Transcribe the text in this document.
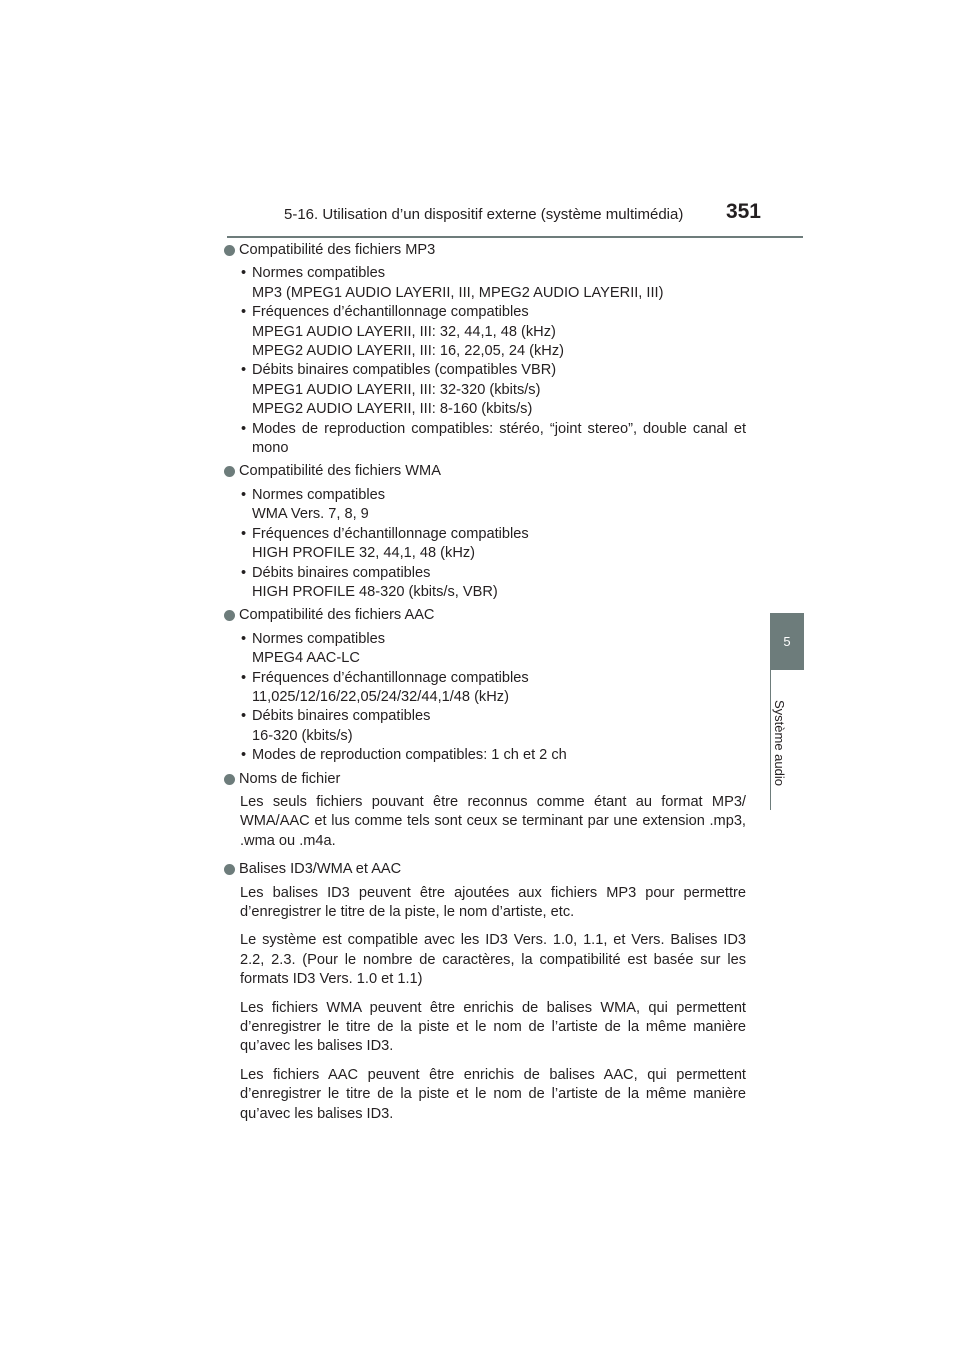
5-16. Utilisation d’un dispositif externe (système multimédia) 351
5
Système audio
Compatibilité des fichiers MP3
• Normes compatibles
MP3 (MPEG1 AUDIO LAYERII, III, MPEG2 AUDIO LAYERII, III)
• Fréquences d’échantillonnage compatibles
MPEG1 AUDIO LAYERII, III: 32, 44,1, 48 (kHz)
MPEG2 AUDIO LAYERII, III: 16, 22,05, 24 (kHz)
• Débits binaires compatibles (compatibles VBR)
MPEG1 AUDIO LAYERII, III: 32-320 (kbits/s)
MPEG2 AUDIO LAYERII, III: 8-160 (kbits/s)
• Modes de reproduction compatibles: stéréo, “joint stereo”, double canal et mono
Compatibilité des fichiers WMA
• Normes compatibles
WMA Vers. 7, 8, 9
• Fréquences d’échantillonnage compatibles
HIGH PROFILE 32, 44,1, 48 (kHz)
• Débits binaires compatibles
HIGH PROFILE 48-320 (kbits/s, VBR)
Compatibilité des fichiers AAC
• Normes compatibles
MPEG4 AAC-LC
• Fréquences d’échantillonnage compatibles
11,025/12/16/22,05/24/32/44,1/48 (kHz)
• Débits binaires compatibles
16-320 (kbits/s)
• Modes de reproduction compatibles: 1 ch et 2 ch
Noms de fichier
Les seuls fichiers pouvant être reconnus comme étant au format MP3/ WMA/AAC et lus comme tels sont ceux se terminant par une extension .mp3, .wma ou .m4a.
Balises ID3/WMA et AAC
Les balises ID3 peuvent être ajoutées aux fichiers MP3 pour permettre d’enregistrer le titre de la piste, le nom d’artiste, etc.
Le système est compatible avec les ID3 Vers. 1.0, 1.1, et Vers. Balises ID3 2.2, 2.3. (Pour le nombre de caractères, la compatibilité est basée sur les formats ID3 Vers. 1.0 et 1.1)
Les fichiers WMA peuvent être enrichis de balises WMA, qui permettent d’enregistrer le titre de la piste et le nom de l’artiste de la même manière qu’avec les balises ID3.
Les fichiers AAC peuvent être enrichis de balises AAC, qui permettent d’enregistrer le titre de la piste et le nom de l’artiste de la même manière qu’avec les balises ID3.
